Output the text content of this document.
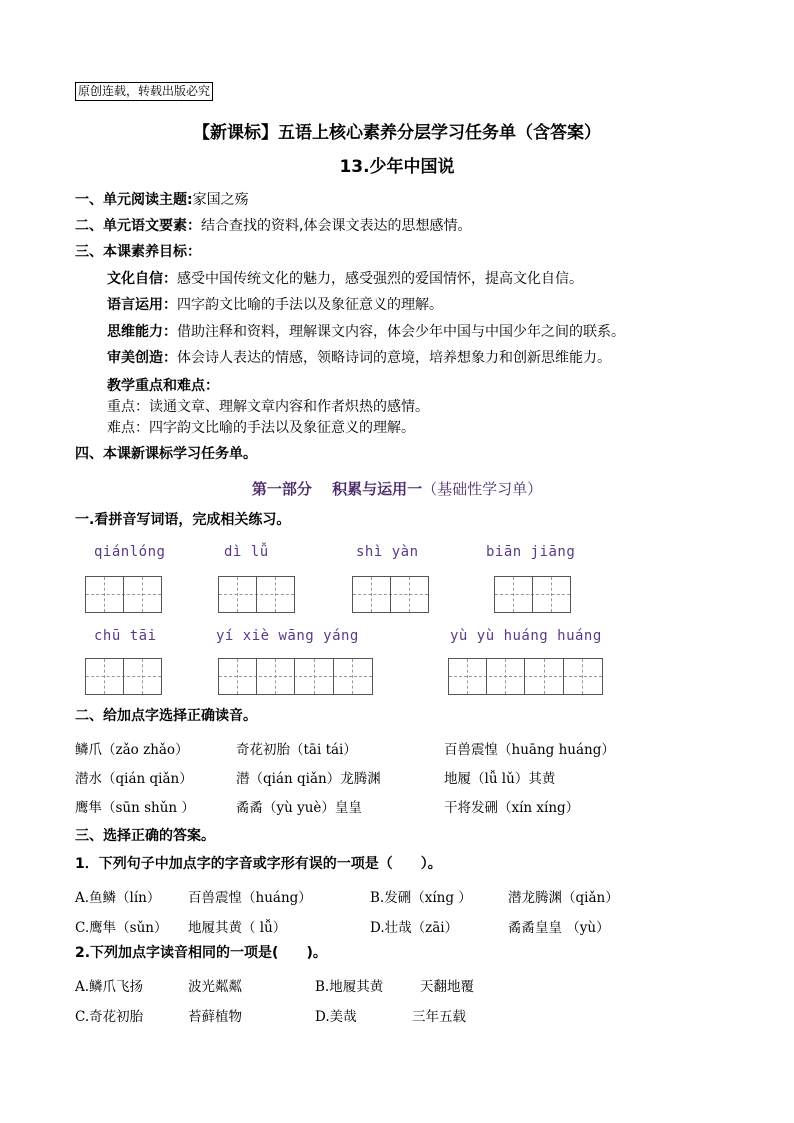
原创连载，转载出版必究
【新课标】五语上核心素养分层学习任务单（含答案）
13.少年中国说
一、单元阅读主题:家国之殇
二、单元语文要素：结合查找的资料,体会课文表达的思想感情。
三、本课素养目标：
文化自信：感受中国传统文化的魅力，感受强烈的爱国情怀，提高文化自信。
语言运用：四字韵文比喻的手法以及象征意义的理解。
思维能力：借助注释和资料，理解课文内容，体会少年中国与中国少年之间的联系。
审美创造：体会诗人表达的情感，领略诗词的意境，培养想象力和创新思维能力。
教学重点和难点：
重点：读通文章、理解文章内容和作者炽热的感情。
难点：四字韵文比喻的手法以及象征意义的理解。
四、本课新课标学习任务单。
第一部分　 积累与运用一（基础性学习单）
一.看拼音写词语，完成相关练习。
qiánlóng	dì lǚ	shì yàn	biān jiāng
chū tāi	yí xiè wāng yáng	yù yù huáng huáng
二、给加点字选择正确读音。
鳞爪（zǎo zhǎo）	奇花初胎（tāi tái）	百兽震惶（huāng huáng）
潜水（qián qiǎn）	潜（qián qiǎn）龙腾渊	地履（lǚ lǔ）其黄
鹰隼（sūn shǔn ）	矞矞（yù yuè）皇皇	干将发硎（xín xíng）
三、选择正确的答案。
1．下列句子中加点字的字音或字形有误的一项是（　　）。
A.鱼鳞（lín） 百兽震惶（huáng）	B.发硎（xíng ）	潜龙腾渊（qiǎn）
C.鹰隼（sǔn） 地履其黄（ lǚ）	D.壮哉（zāi）	矞矞皇皇 （yù）
2.下列加点字读音相同的一项是(　　)。
A.鳞爪飞扬	波光粼粼	B.地履其黄	天翻地覆
C.奇花初胎	苔藓植物	D.美哉	三年五载
